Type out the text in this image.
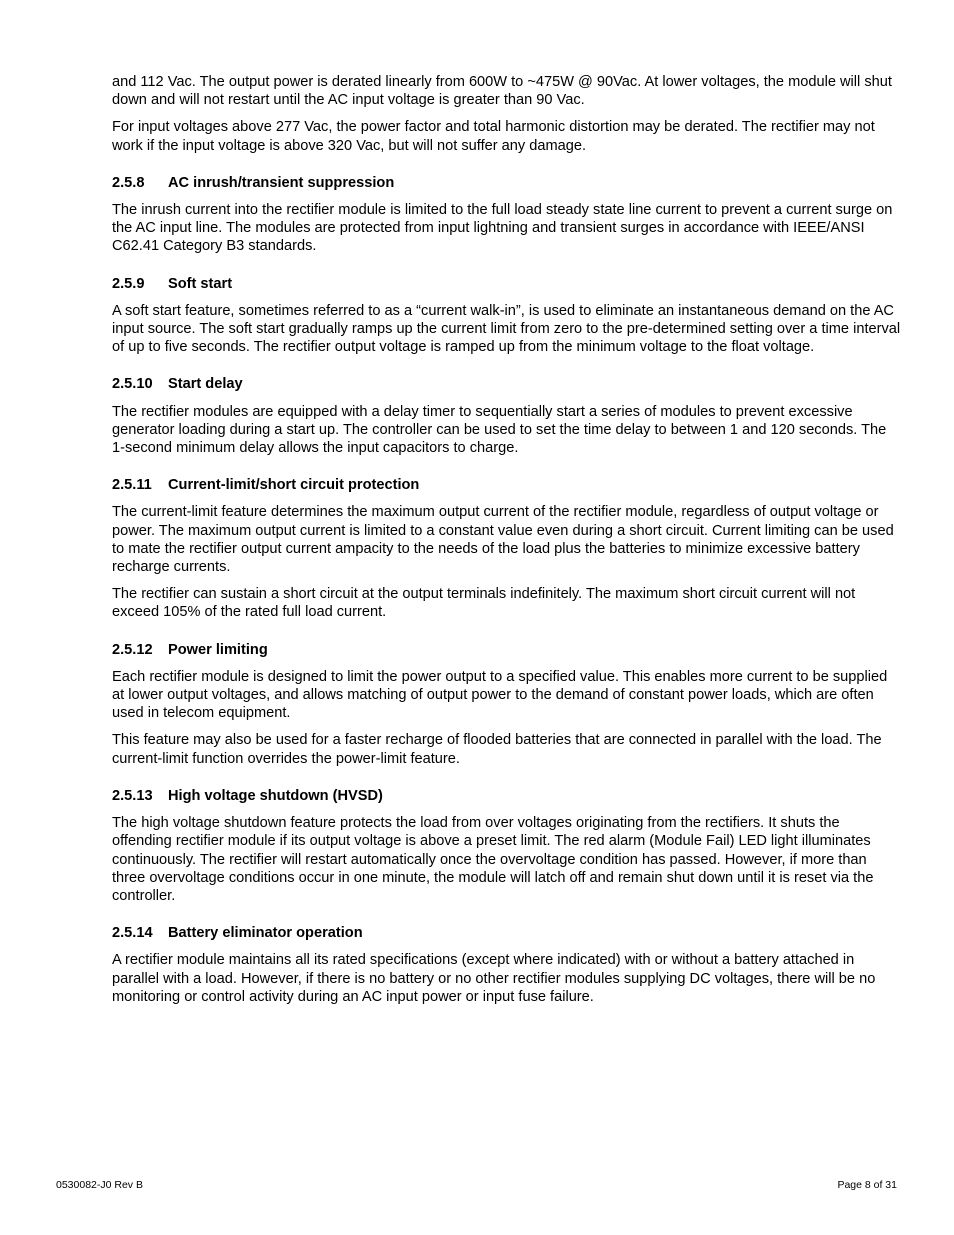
and 112 Vac. The output power is derated linearly from 600W to ~475W @ 90Vac. At lower voltages, the module will shut down and will not restart until the AC input voltage is greater than 90 Vac.

For input voltages above 277 Vac, the power factor and total harmonic distortion may be derated. The rectifier may not work if the input voltage is above 320 Vac, but will not suffer any damage.

2.5.8 AC inrush/transient suppression

The inrush current into the rectifier module is limited to the full load steady state line current to prevent a current surge on the AC input line. The modules are protected from input lightning and transient surges in accordance with IEEE/ANSI C62.41 Category B3 standards.

2.5.9 Soft start

A soft start feature, sometimes referred to as a “current walk-in”, is used to eliminate an instantaneous demand on the AC input source. The soft start gradually ramps up the current limit from zero to the pre-determined setting over a time interval of up to five seconds. The rectifier output voltage is ramped up from the minimum voltage to the float voltage.

2.5.10 Start delay

The rectifier modules are equipped with a delay timer to sequentially start a series of modules to prevent excessive generator loading during a start up. The controller can be used to set the time delay to between 1 and 120 seconds. The 1-second minimum delay allows the input capacitors to charge.

2.5.11 Current-limit/short circuit protection

The current-limit feature determines the maximum output current of the rectifier module, regardless of output voltage or power. The maximum output current is limited to a constant value even during a short circuit. Current limiting can be used to mate the rectifier output current ampacity to the needs of the load plus the batteries to minimize excessive battery recharge currents.

The rectifier can sustain a short circuit at the output terminals indefinitely. The maximum short circuit current will not exceed 105% of the rated full load current.

2.5.12 Power limiting

Each rectifier module is designed to limit the power output to a specified value. This enables more current to be supplied at lower output voltages, and allows matching of output power to the demand of constant power loads, which are often used in telecom equipment.

This feature may also be used for a faster recharge of flooded batteries that are connected in parallel with the load. The current-limit function overrides the power-limit feature.

2.5.13 High voltage shutdown (HVSD)

The high voltage shutdown feature protects the load from over voltages originating from the rectifiers. It shuts the offending rectifier module if its output voltage is above a preset limit. The red alarm (Module Fail) LED light illuminates continuously. The rectifier will restart automatically once the overvoltage condition has passed. However, if more than three overvoltage conditions occur in one minute, the module will latch off and remain shut down until it is reset via the controller.

2.5.14 Battery eliminator operation

A rectifier module maintains all its rated specifications (except where indicated) with or without a battery attached in parallel with a load. However, if there is no battery or no other rectifier modules supplying DC voltages, there will be no monitoring or control activity during an AC input power or input fuse failure.

0530082-J0 Rev B	Page 8 of 31
